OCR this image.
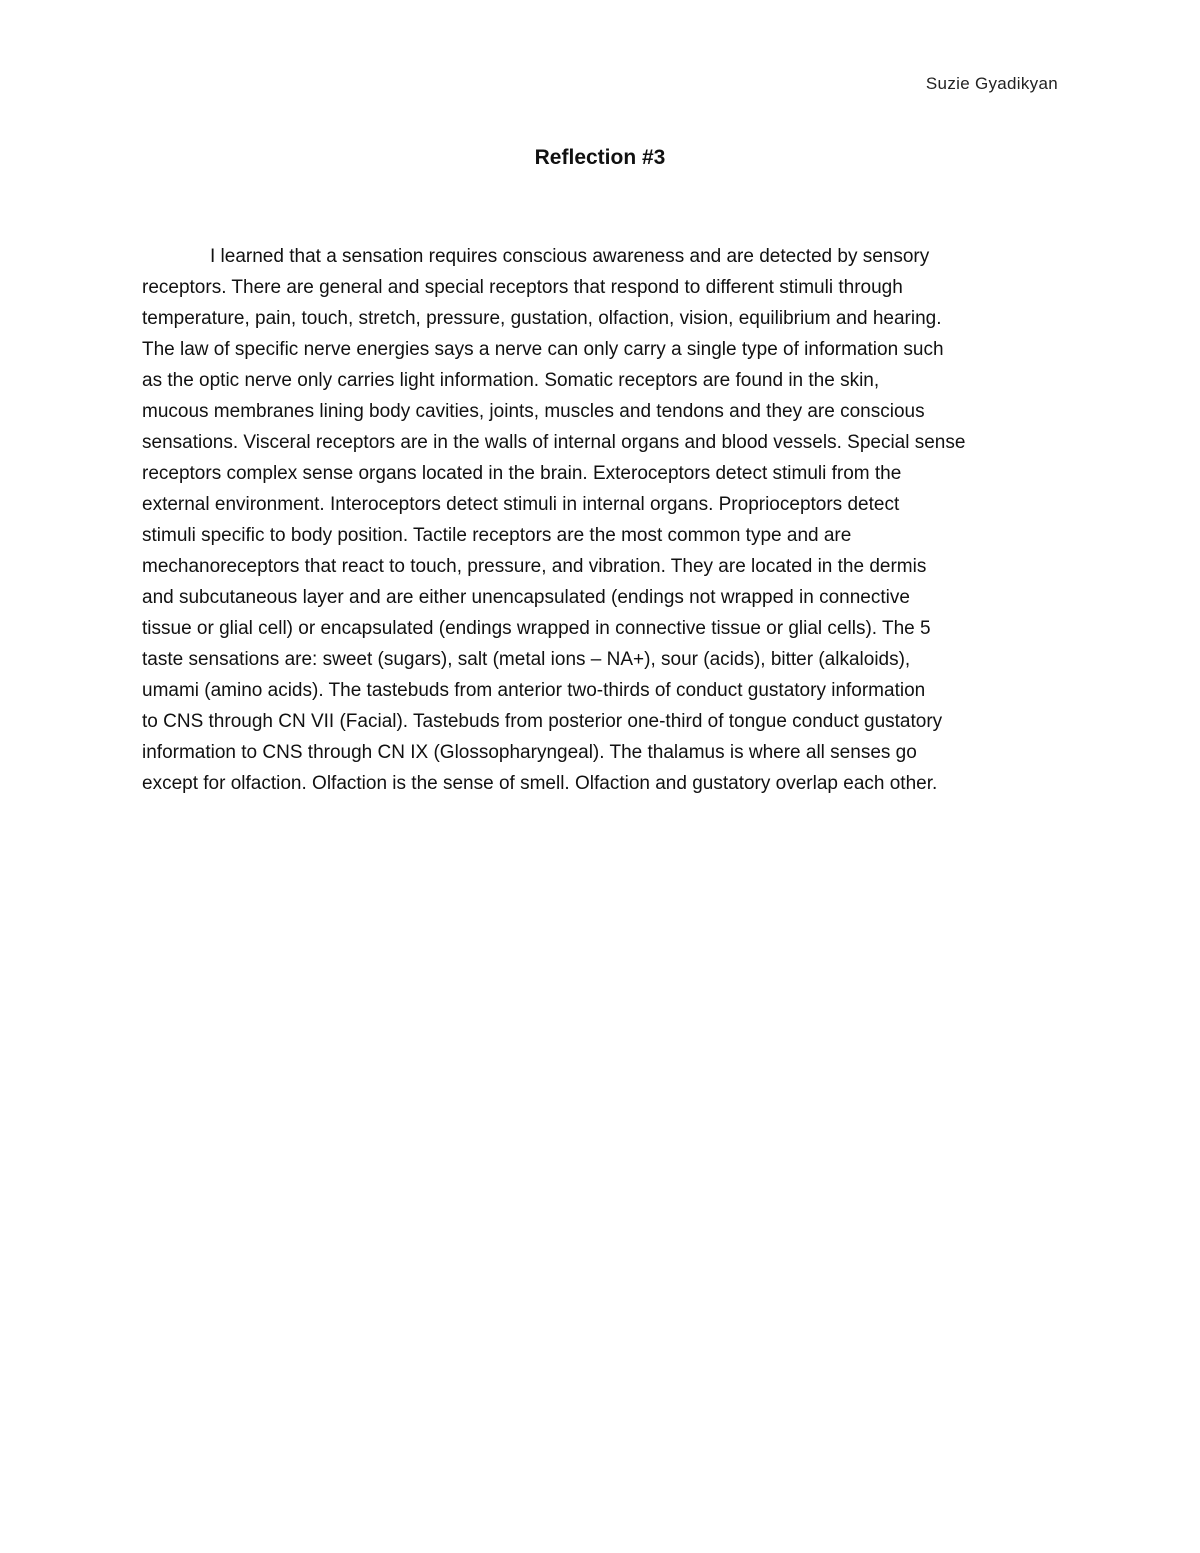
Suzie Gyadikyan
Reflection #3
I learned that a sensation requires conscious awareness and are detected by sensory
receptors. There are general and special receptors that respond to different stimuli through
temperature, pain, touch, stretch, pressure, gustation, olfaction, vision, equilibrium and hearing.
The law of specific nerve energies says a nerve can only carry a single type of information such
as the optic nerve only carries light information. Somatic receptors are found in the skin,
mucous membranes lining body cavities, joints, muscles and tendons and they are conscious
sensations. Visceral receptors are in the walls of internal organs and blood vessels. Special sense
receptors complex sense organs located in the brain. Exteroceptors detect stimuli from the
external environment. Interoceptors detect stimuli in internal organs. Proprioceptors detect
stimuli specific to body position. Tactile receptors are the most common type and are
mechanoreceptors that react to touch, pressure, and vibration. They are located in the dermis
and subcutaneous layer and are either unencapsulated (endings not wrapped in connective
tissue or glial cell) or encapsulated (endings wrapped in connective tissue or glial cells). The 5
taste sensations are: sweet (sugars), salt (metal ions – NA+), sour (acids), bitter (alkaloids),
umami (amino acids). The tastebuds from anterior two-thirds of conduct gustatory information
to CNS through CN VII (Facial). Tastebuds from posterior one-third of tongue conduct gustatory
information to CNS through CN IX (Glossopharyngeal). The thalamus is where all senses go
except for olfaction. Olfaction is the sense of smell. Olfaction and gustatory overlap each other.
